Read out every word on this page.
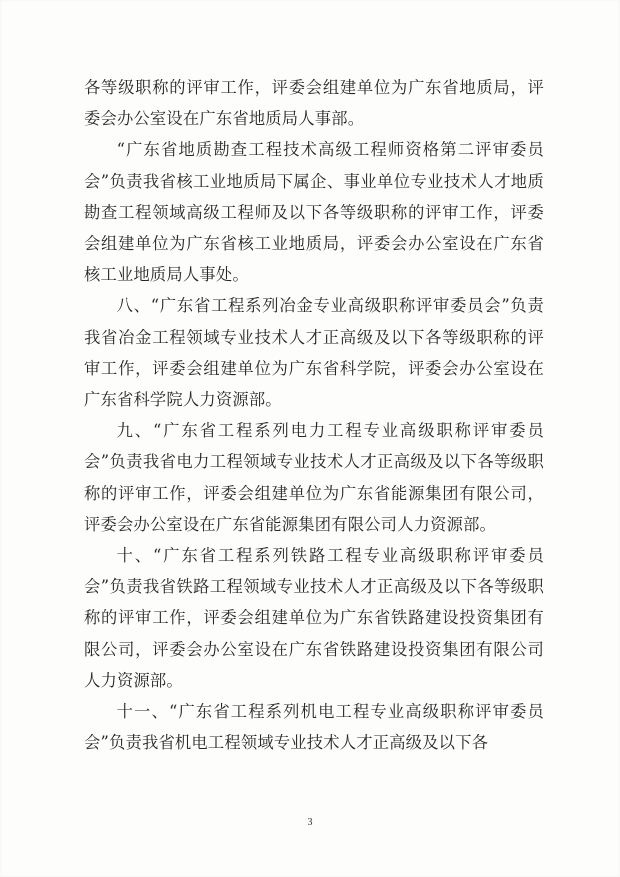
各等级职称的评审工作，评委会组建单位为广东省地质局，评委会办公室设在广东省地质局人事部。

“广东省地质勘查工程技术高级工程师资格第二评审委员会”负责我省核工业地质局下属企、事业单位专业技术人才地质勘查工程领域高级工程师及以下各等级职称的评审工作，评委会组建单位为广东省核工业地质局，评委会办公室设在广东省核工业地质局人事处。

八、“广东省工程系列冶金专业高级职称评审委员会”负责我省冶金工程领域专业技术人才正高级及以下各等级职称的评审工作，评委会组建单位为广东省科学院，评委会办公室设在广东省科学院人力资源部。

九、“广东省工程系列电力工程专业高级职称评审委员会”负责我省电力工程领域专业技术人才正高级及以下各等级职称的评审工作，评委会组建单位为广东省能源集团有限公司，评委会办公室设在广东省能源集团有限公司人力资源部。

十、“广东省工程系列铁路工程专业高级职称评审委员会”负责我省铁路工程领域专业技术人才正高级及以下各等级职称的评审工作，评委会组建单位为广东省铁路建设投资集团有限公司，评委会办公室设在广东省铁路建设投资集团有限公司人力资源部。

十一、“广东省工程系列机电工程专业高级职称评审委员会”负责我省机电工程领域专业技术人才正高级及以下各

3
